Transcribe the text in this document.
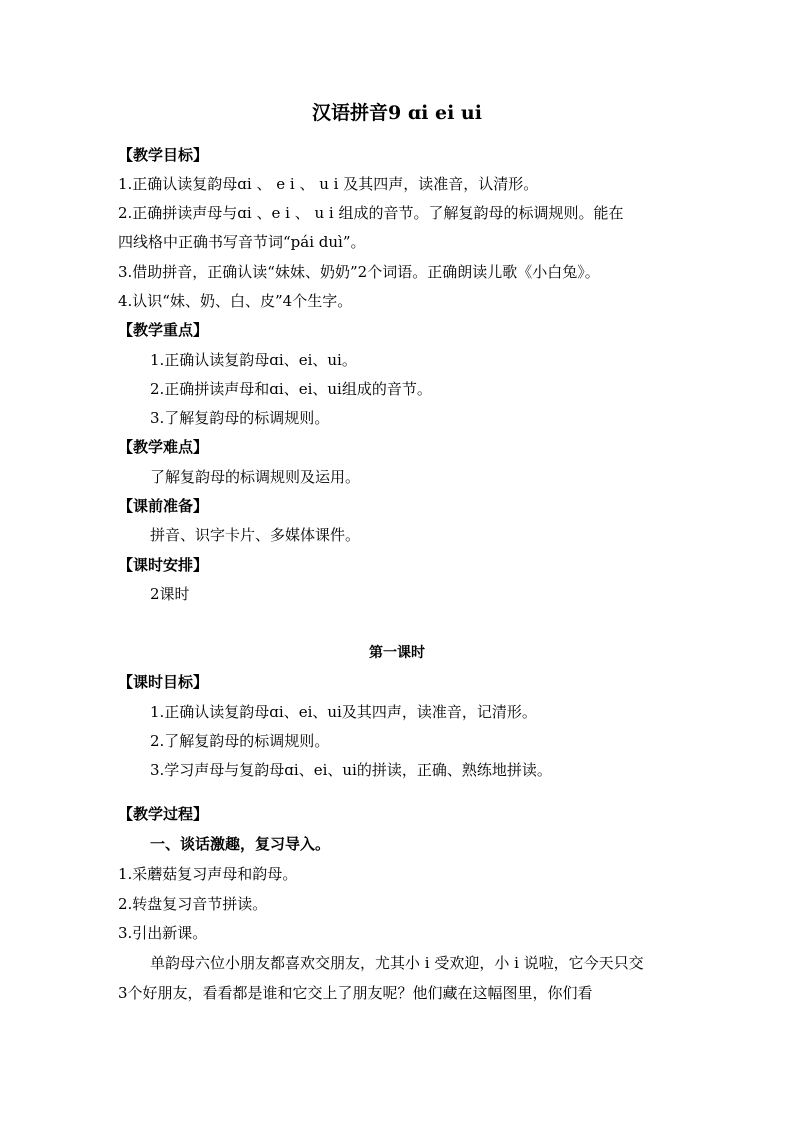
汉语拼音9 ɑi ei ui
【教学目标】
1.正确认读复韵母ɑi 、 e i 、 u i 及其四声，读准音，认清形。
2.正确拼读声母与ɑi 、e i 、 u i 组成的音节。了解复韵母的标调规则。能在
四线格中正确书写音节词“pái duì”。
3.借助拼音，正确认读“妹妹、奶奶”2个词语。正确朗读儿歌《小白兔》。
4.认识“妹、奶、白、皮”4个生字。
【教学重点】
1.正确认读复韵母ɑi、ei、ui。
2.正确拼读声母和ɑi、ei、ui组成的音节。
3.了解复韵母的标调规则。
【教学难点】
了解复韵母的标调规则及运用。
【课前准备】
拼音、识字卡片、多媒体课件。
【课时安排】
2课时
第一课时
【课时目标】
1.正确认读复韵母ɑi、ei、ui及其四声，读准音，记清形。
2.了解复韵母的标调规则。
3.学习声母与复韵母ɑi、ei、ui的拼读，正确、熟练地拼读。
【教学过程】
一、谈话激趣，复习导入。
1.采蘑菇复习声母和韵母。
2.转盘复习音节拼读。
3.引出新课。
单韵母六位小朋友都喜欢交朋友，尤其小 i 受欢迎，小 i 说啦，它今天只交
3个好朋友，看看都是谁和它交上了朋友呢？他们藏在这幅图里，你们看
